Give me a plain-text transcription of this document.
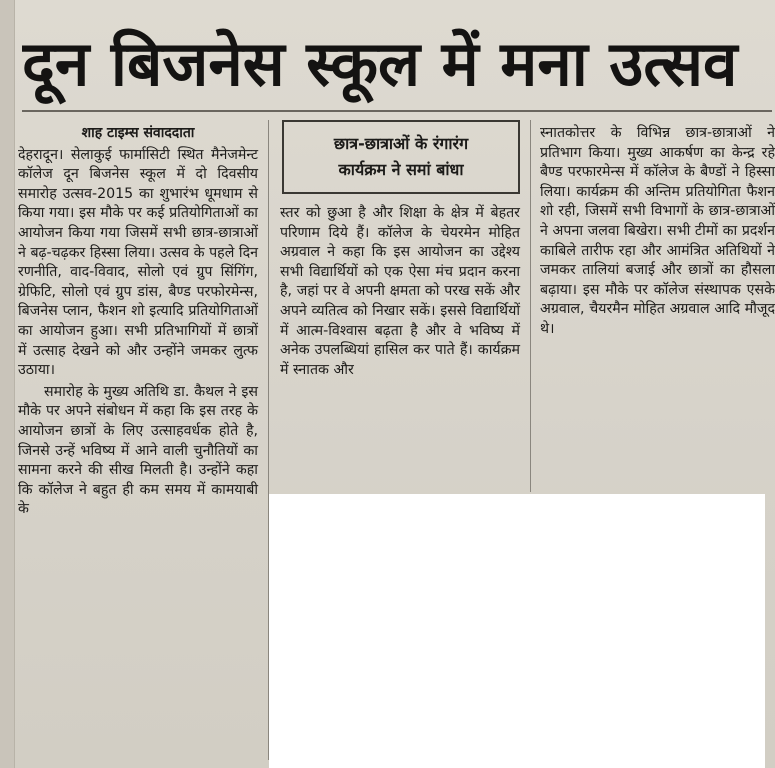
दून बिजनेस स्कूल में मना उत्सव
शाह टाइम्स संवाददाता

देहरादून। सेलाकुई फार्मासिटी स्थित मैनेजमेन्ट कॉलेज दून बिजनेस स्कूल में दो दिवसीय समारोह उत्सव-2015 का शुभारंभ धूमधाम से किया गया। इस मौके पर कई प्रतियोगिताओं का आयोजन किया गया जिसमें सभी छात्र-छात्राओं ने बढ़-चढ़कर हिस्सा लिया। उत्सव के पहले दिन रणनीति, वाद-विवाद, सोलो एवं ग्रुप सिंगिंग, ग्रेफिटि, सोलो एवं ग्रुप डांस, बैण्ड परफोरमेन्स, बिजनेस प्लान, फैशन शो इत्यादि प्रतियोगिताओं का आयोजन हुआ। सभी प्रतिभागियों में छात्रों में उत्साह देखने को और उन्होंने जमकर लुत्फ उठाया।

समारोह के मुख्य अतिथि डा. कैथल ने इस मौके पर अपने संबोधन में कहा कि इस तरह के आयोजन छात्रों के लिए उत्साहवर्धक होते है, जिनसे उन्हें भविष्य में आने वाली चुनौतियों का सामना करने की सीख मिलती है। उन्होंने कहा कि कॉलेज ने बहुत ही कम समय में कामयाबी के

छात्र-छात्राओं के रंगारंग
कार्यक्रम ने समां बांधा

स्तर को छुआ है और शिक्षा के क्षेत्र में बेहतर परिणाम दिये हैं। कॉलेज के चेयरमेन मोहित अग्रवाल ने कहा कि इस आयोजन का उद्देश्य सभी विद्यार्थियों को एक ऐसा मंच प्रदान करना है, जहां पर वे अपनी क्षमता को परख सकें और अपने व्यतित्व को निखार सकें। इससे विद्यार्थियों में आत्म-विश्वास बढ़ता है और वे भविष्य में अनेक उपलब्धियां हासिल कर पाते हैं। कार्यक्रम में स्नातक और

स्नातकोत्तर के विभिन्न छात्र-छात्राओं ने प्रतिभाग किया। मुख्य आकर्षण का केन्द्र रहे बैण्ड परफारमेन्स में कॉलेज के बैण्डों ने हिस्सा लिया। कार्यक्रम की अन्तिम प्रतियोगिता फैशन शो रही, जिसमें सभी विभागों के छात्र-छात्राओं ने अपना जलवा बिखेरा। सभी टीमों का प्रदर्शन काबिले तारीफ रहा और आमंत्रित अतिथियों ने जमकर तालियां बजाई और छात्रों का हौसला बढ़ाया। इस मौके पर कॉलेज संस्थापक एसके अग्रवाल, चैयरमैन मोहित अग्रवाल आदि मौजूद थे।
